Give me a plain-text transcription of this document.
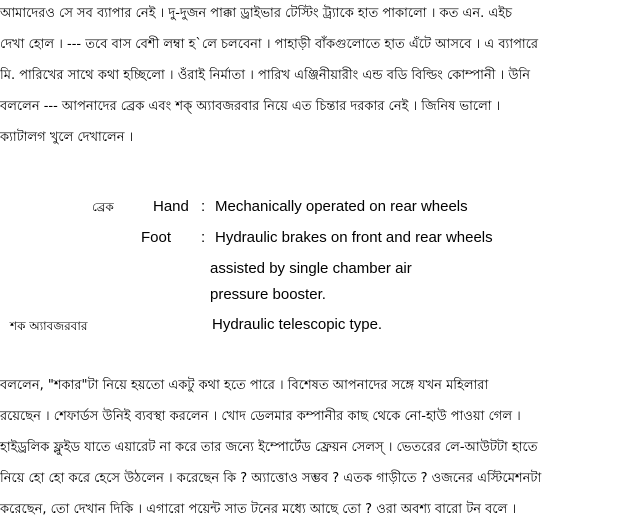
আমাদেরও সে সব ব্যাপার নেই । দু-দুজন পাক্কা ড্রাইভার টেস্টিং ট্র্যাকে হাত পাকালো । কত এন. এইচ
দেখা হোল । --- তবে বাস বেশী লম্বা হ`লে চলবেনা । পাহাড়ী বাঁকগুলোতে হাত এঁটে আসবে । এ ব্যাপারে
মি. পারিখের সাথে কথা হচ্ছিলো । ওঁরাই নির্মাতা । পারিখ এঞ্জিনীয়ারীং এন্ড বডি বিল্ডিং কোম্পানী । উনি
বললেন --- আপনাদের ব্রেক এবং শক্ অ্যাবজরবার নিয়ে এত চিন্তার দরকার নেই । জিনিষ ভালো ।
ক্যাটালগ খুলে দেখালেন ।
ব্রেক	Hand : Mechanically operated on rear wheels
Foot : Hydraulic brakes on front and rear wheels
assisted by single chamber air
pressure booster.
শক অ্যাবজরবার	Hydraulic telescopic type.
বললেন, "শকার"টা নিয়ে হয়তো একটু কথা হতে পারে । বিশেষত আপনাদের সঙ্গে যখন মহিলারা
রয়েছেন । শেফার্ডস উনিই ব্যবস্থা করলেন । খোদ ডেলমার কম্পানীর কাছ থেকে নো-হাউ পাওয়া গেল ।
হাইড্রলিক ফ্লুইড যাতে এয়ারেট না করে তার জন্যে ইম্পোর্টেড ফ্রেয়ন সেলস্ । ভেতরের লে-আউটটা হাতে
নিয়ে হো হো করে হেসে উঠলেন । করেছেন কি ? অ্যাত্তোও সম্ভব ? এতক গাড়ীতে ? ওজনের এস্টিমেশনটা
করেছেন, তো দেখান দিকি । এগারো পয়েন্ট সাত টনের মধ্যে আছে তো ? ওরা অবশ্য বারো টন বলে ।
